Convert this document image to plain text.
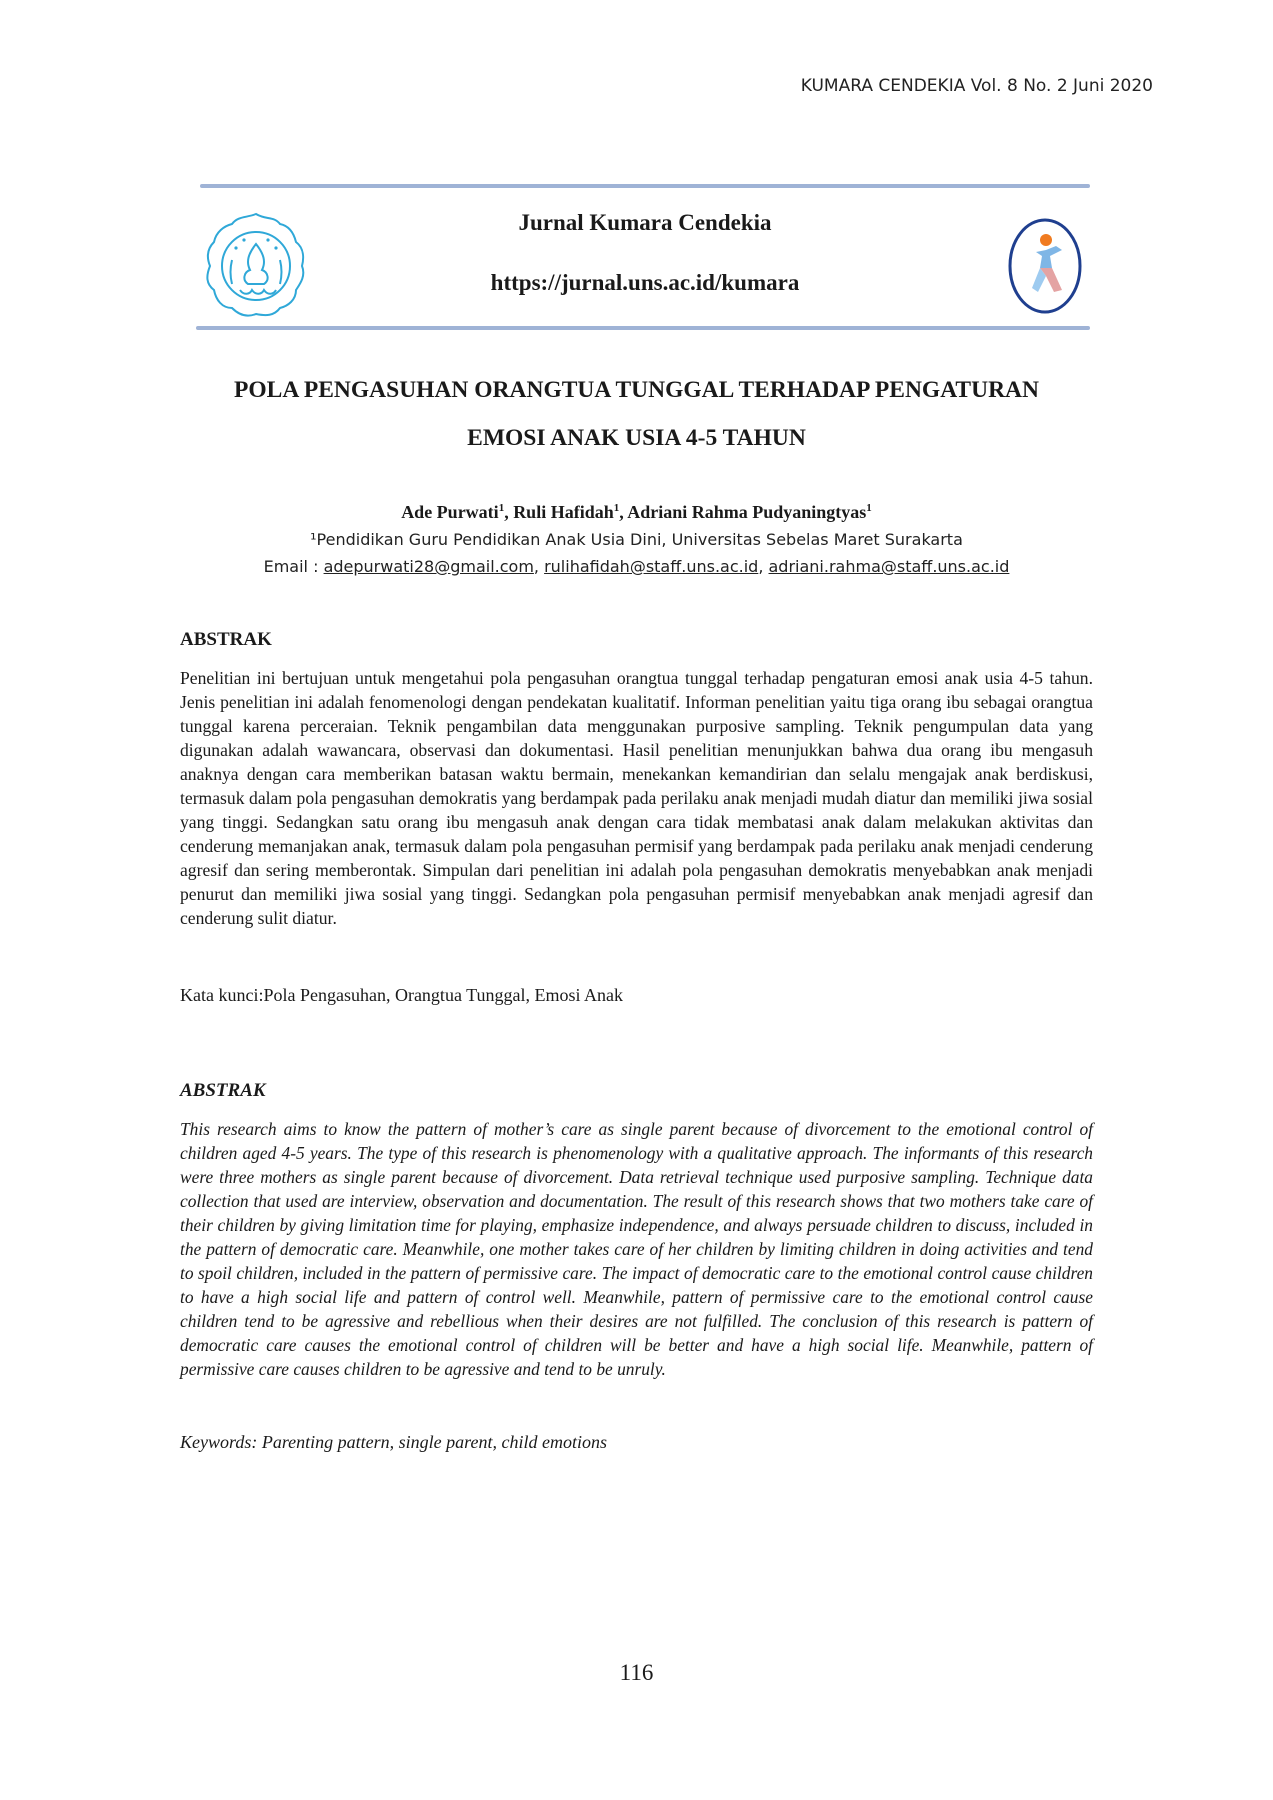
KUMARA CENDEKIA Vol. 8 No. 2 Juni 2020
Jurnal Kumara Cendekia
https://jurnal.uns.ac.id/kumara
POLA PENGASUHAN ORANGTUA TUNGGAL TERHADAP PENGATURAN
EMOSI ANAK USIA 4-5 TAHUN
Ade Purwati$^1$, Ruli Hafidah$^1$, Adriani Rahma Pudyaningtyas$^1$
¹Pendidikan Guru Pendidikan Anak Usia Dini, Universitas Sebelas Maret Surakarta
Email : adepurwati28@gmail.com, rulihafidah@staff.uns.ac.id, adriani.rahma@staff.uns.ac.id
ABSTRAK

Penelitian ini bertujuan untuk mengetahui pola pengasuhan orangtua tunggal terhadap pengaturan emosi anak usia 4-5 tahun. Jenis penelitian ini adalah fenomenologi dengan pendekatan kualitatif. Informan penelitian yaitu tiga orang ibu sebagai orangtua tunggal karena perceraian. Teknik pengambilan data menggunakan purposive sampling. Teknik pengumpulan data yang digunakan adalah wawancara, observasi dan dokumentasi. Hasil penelitian menunjukkan bahwa dua orang ibu mengasuh anaknya dengan cara memberikan batasan waktu bermain, menekankan kemandirian dan selalu mengajak anak berdiskusi, termasuk dalam pola pengasuhan demokratis yang berdampak pada perilaku anak menjadi mudah diatur dan memiliki jiwa sosial yang tinggi. Sedangkan satu orang ibu mengasuh anak dengan cara tidak membatasi anak dalam melakukan aktivitas dan cenderung memanjakan anak, termasuk dalam pola pengasuhan permisif yang berdampak pada perilaku anak menjadi cenderung agresif dan sering memberontak. Simpulan dari penelitian ini adalah pola pengasuhan demokratis menyebabkan anak menjadi penurut dan memiliki jiwa sosial yang tinggi. Sedangkan pola pengasuhan permisif menyebabkan anak menjadi agresif dan cenderung sulit diatur.

Kata kunci:Pola Pengasuhan, Orangtua Tunggal, Emosi Anak
ABSTRAK

This research aims to know the pattern of mother’s care as single parent because of divorcement to the emotional control of children aged 4-5 years. The type of this research is phenomenology with a qualitative approach. The informants of this research were three mothers as single parent because of divorcement. Data retrieval technique used purposive sampling. Technique data collection that used are interview, observation and documentation. The result of this research shows that two mothers take care of their children by giving limitation time for playing, emphasize independence, and always persuade children to discuss, included in the pattern of democratic care. Meanwhile, one mother takes care of her children by limiting children in doing activities and tend to spoil children, included in the pattern of permissive care. The impact of democratic care to the emotional control cause children to have a high social life and pattern of control well. Meanwhile, pattern of permissive care to the emotional control cause children tend to be agressive and rebellious when their desires are not fulfilled. The conclusion of this research is pattern of democratic care causes the emotional control of children will be better and have a high social life. Meanwhile, pattern of permissive care causes children to be agressive and tend to be unruly.

Keywords: Parenting pattern, single parent, child emotions
116
